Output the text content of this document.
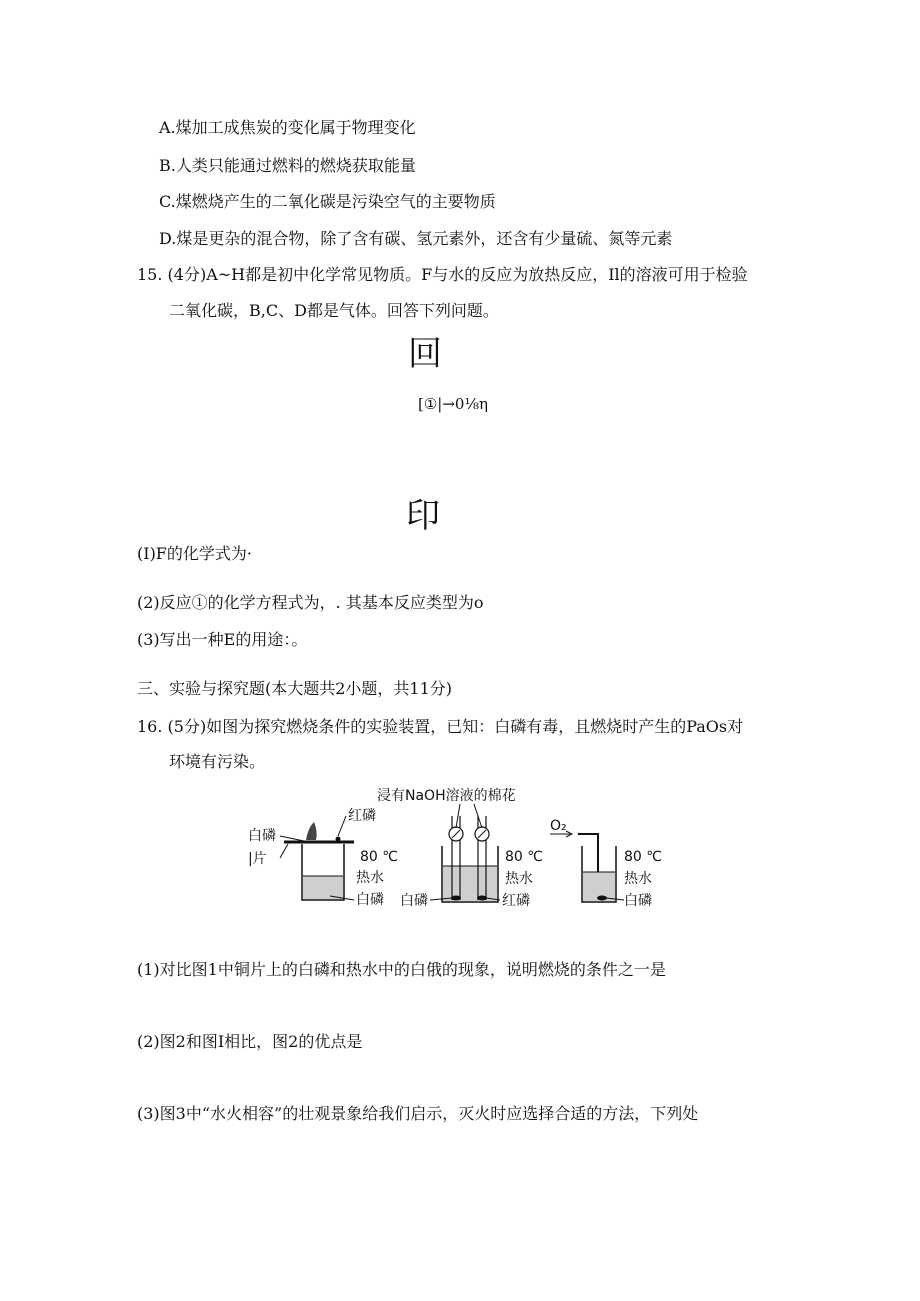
A.煤加工成焦炭的变化属于物理变化
B.人类只能通过燃料的燃烧获取能量
C.煤燃烧产生的二氧化碳是污染空气的主要物质
D.煤是更杂的混合物，除了含有碳、氢元素外，还含有少量硫、氮等元素
15. (4分)A~H都是初中化学常见物质。F与水的反应为放热反应，Il的溶液可用于检验
二氧化碳，B,C、D都是气体。回答下列问题。
回
[①|→0⅛η
印
(I)F的化学式为·
(2)反应①的化学方程式为，. 其基本反应类型为o
(3)写出一种E的用途：。
三、实验与探究题(本大题共2小题，共11分)
16. (5分)如图为探究燃烧条件的实验装置，已知：白磷有毒，且燃烧时产生的PaOs对
环境有污染。
浸有NaOH溶液的棉花
白磷
|片
红磷
80 ℃
热水
白磷
80 ℃
热水
白磷	红磷
O₂
80 ℃
热水
白磷
(1)对比图1中铜片上的白磷和热水中的白俄的现象，说明燃烧的条件之一是
(2)图2和图I相比，图2的优点是
(3)图3中“水火相容”的壮观景象给我们启示，灭火时应选择合适的方法，下列处
